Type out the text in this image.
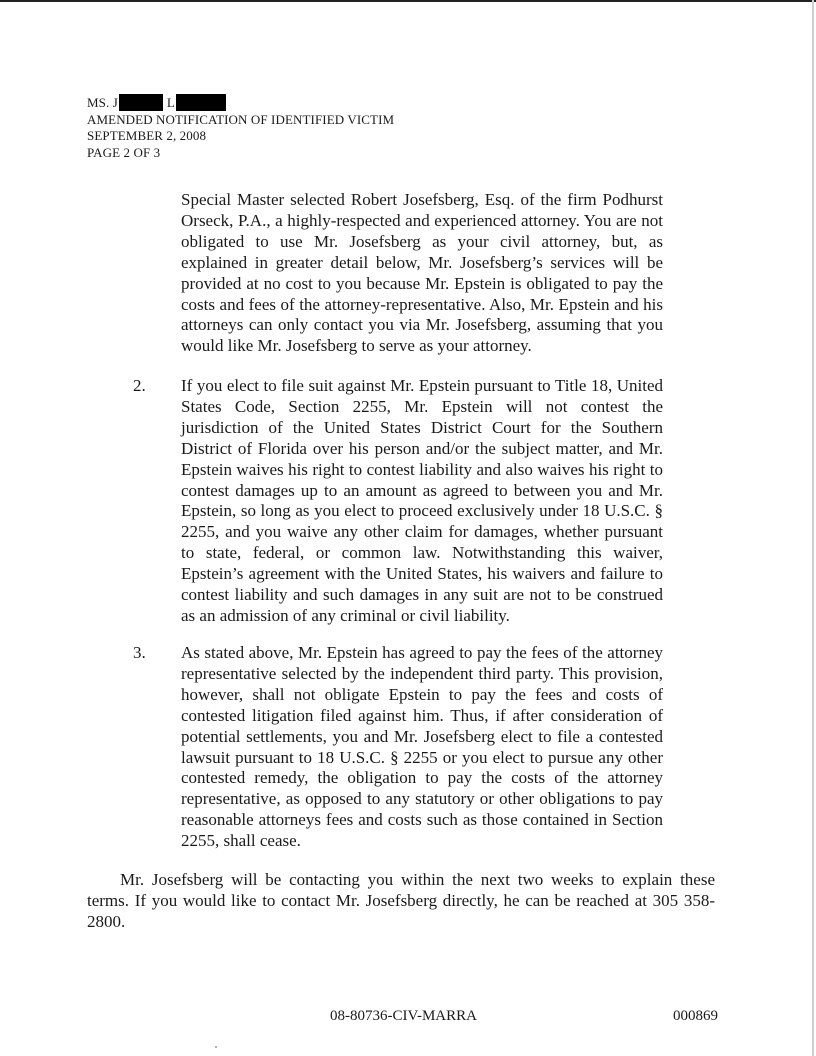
MS. J	L
AMENDED NOTIFICATION OF IDENTIFIED VICTIM
SEPTEMBER 2, 2008
PAGE 2 OF 3
Special Master selected Robert Josefsberg, Esq. of the firm Podhurst Orseck, P.A., a highly-respected and experienced attorney. You are not obligated to use Mr. Josefsberg as your civil attorney, but, as explained in greater detail below, Mr. Josefsberg’s services will be provided at no cost to you because Mr. Epstein is obligated to pay the costs and fees of the attorney-representative. Also, Mr. Epstein and his attorneys can only contact you via Mr. Josefsberg, assuming that you would like Mr. Josefsberg to serve as your attorney.
2. If you elect to file suit against Mr. Epstein pursuant to Title 18, United States Code, Section 2255, Mr. Epstein will not contest the jurisdiction of the United States District Court for the Southern District of Florida over his person and/or the subject matter, and Mr. Epstein waives his right to contest liability and also waives his right to contest damages up to an amount as agreed to between you and Mr. Epstein, so long as you elect to proceed exclusively under 18 U.S.C. § 2255, and you waive any other claim for damages, whether pursuant to state, federal, or common law. Notwithstanding this waiver, Epstein’s agreement with the United States, his waivers and failure to contest liability and such damages in any suit are not to be construed as an admission of any criminal or civil liability.
3. As stated above, Mr. Epstein has agreed to pay the fees of the attorney representative selected by the independent third party. This provision, however, shall not obligate Epstein to pay the fees and costs of contested litigation filed against him. Thus, if after consideration of potential settlements, you and Mr. Josefsberg elect to file a contested lawsuit pursuant to 18 U.S.C. § 2255 or you elect to pursue any other contested remedy, the obligation to pay the costs of the attorney representative, as opposed to any statutory or other obligations to pay reasonable attorneys fees and costs such as those contained in Section 2255, shall cease.
Mr. Josefsberg will be contacting you within the next two weeks to explain these terms. If you would like to contact Mr. Josefsberg directly, he can be reached at 305 358-2800.
08-80736-CIV-MARRA	000869
